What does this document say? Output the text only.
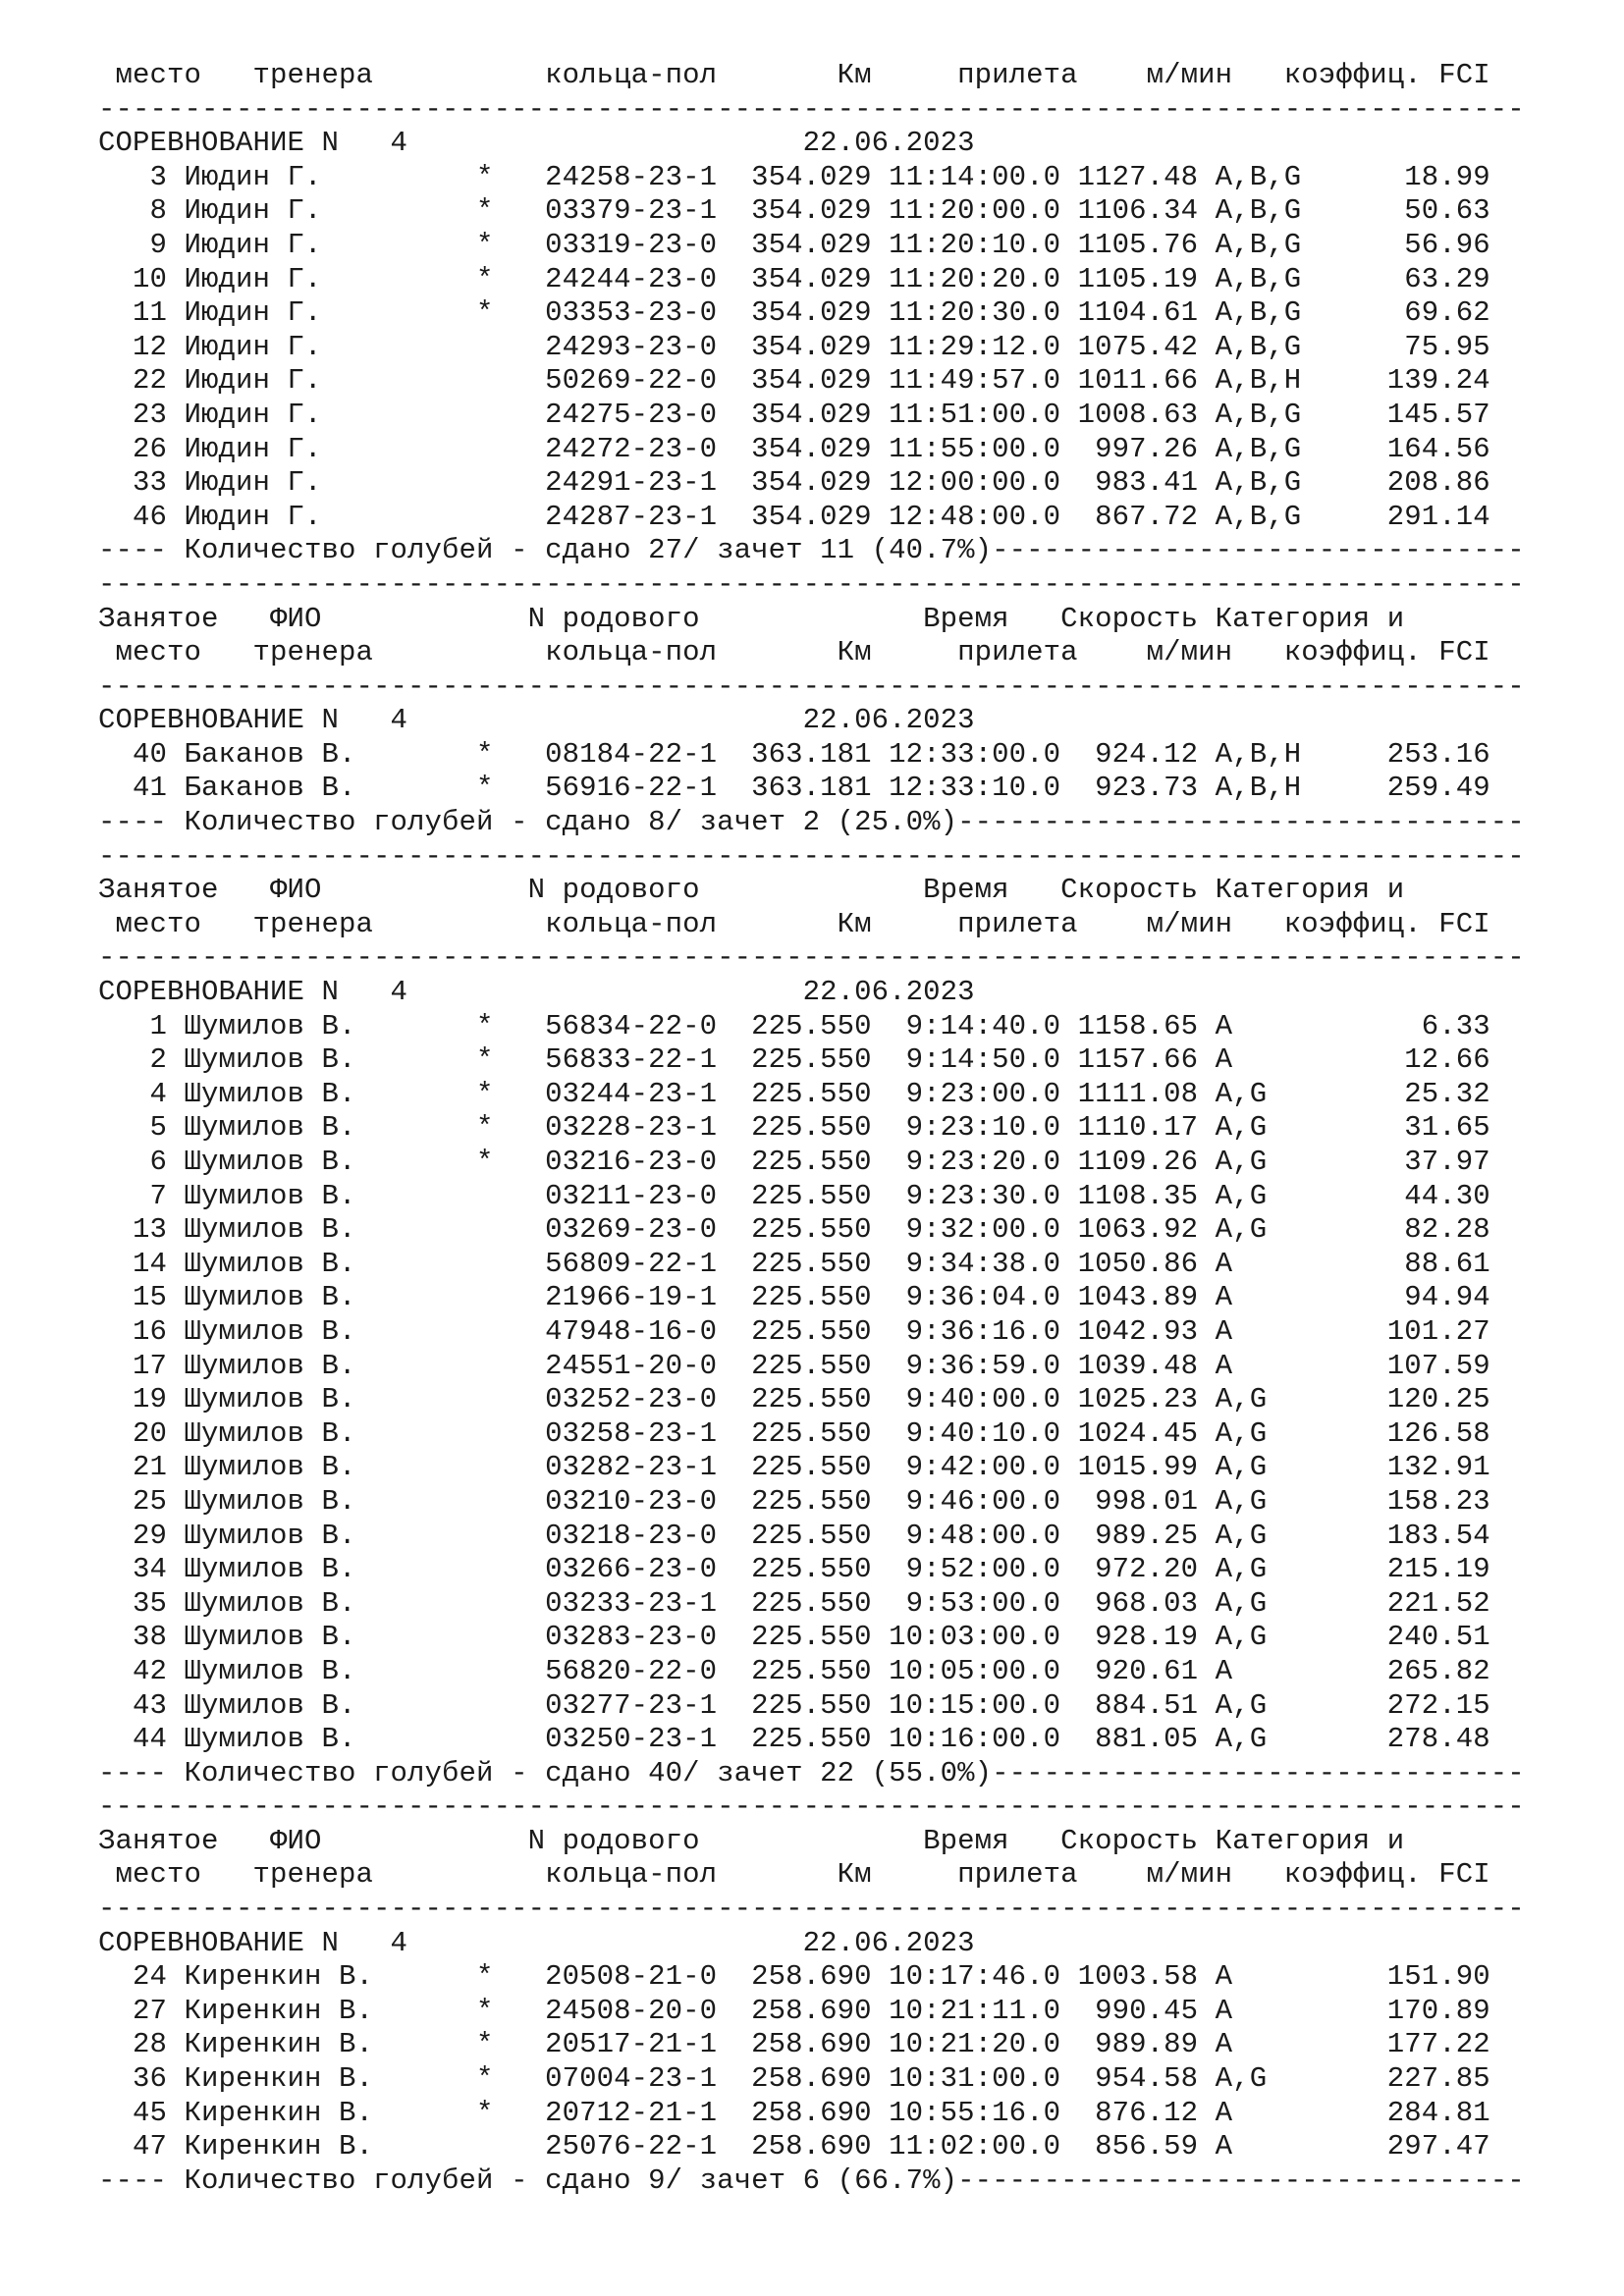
место   тренера          кольца-пол       Км     прилета    м/мин   коэффиц. FCI
-----------------------------------------------------------------------------------
СОРЕВНОВАНИЕ N   4                       22.06.2023
3 Июдин Г.         *   24258-23-1  354.029 11:14:00.0 1127.48 A,B,G      18.99
8 Июдин Г.         *   03379-23-1  354.029 11:20:00.0 1106.34 A,B,G      50.63
9 Июдин Г.         *   03319-23-0  354.029 11:20:10.0 1105.76 A,B,G      56.96
10 Июдин Г.         *   24244-23-0  354.029 11:20:20.0 1105.19 A,B,G      63.29
11 Июдин Г.         *   03353-23-0  354.029 11:20:30.0 1104.61 A,B,G      69.62
12 Июдин Г.             24293-23-0  354.029 11:29:12.0 1075.42 A,B,G      75.95
22 Июдин Г.             50269-22-0  354.029 11:49:57.0 1011.66 A,B,H     139.24
23 Июдин Г.             24275-23-0  354.029 11:51:00.0 1008.63 A,B,G     145.57
26 Июдин Г.             24272-23-0  354.029 11:55:00.0  997.26 A,B,G     164.56
33 Июдин Г.             24291-23-1  354.029 12:00:00.0  983.41 A,B,G     208.86
46 Июдин Г.             24287-23-1  354.029 12:48:00.0  867.72 A,B,G     291.14
---- Количество голубей - сдано 27/ зачет 11 (40.7%)-------------------------------
-----------------------------------------------------------------------------------
Занятое   ФИО            N родового             Время   Скорость Категория и
место   тренера          кольца-пол       Км     прилета    м/мин   коэффиц. FCI
-----------------------------------------------------------------------------------
СОРЕВНОВАНИЕ N   4                       22.06.2023
40 Баканов В.       *   08184-22-1  363.181 12:33:00.0  924.12 A,B,H     253.16
41 Баканов В.       *   56916-22-1  363.181 12:33:10.0  923.73 A,B,H     259.49
---- Количество голубей - сдано 8/ зачет 2 (25.0%)---------------------------------
-----------------------------------------------------------------------------------
Занятое   ФИО            N родового             Время   Скорость Категория и
место   тренера          кольца-пол       Км     прилета    м/мин   коэффиц. FCI
-----------------------------------------------------------------------------------
СОРЕВНОВАНИЕ N   4                       22.06.2023
1 Шумилов В.       *   56834-22-0  225.550  9:14:40.0 1158.65 A           6.33
2 Шумилов В.       *   56833-22-1  225.550  9:14:50.0 1157.66 A          12.66
4 Шумилов В.       *   03244-23-1  225.550  9:23:00.0 1111.08 A,G        25.32
5 Шумилов В.       *   03228-23-1  225.550  9:23:10.0 1110.17 A,G        31.65
6 Шумилов В.       *   03216-23-0  225.550  9:23:20.0 1109.26 A,G        37.97
7 Шумилов В.           03211-23-0  225.550  9:23:30.0 1108.35 A,G        44.30
13 Шумилов В.           03269-23-0  225.550  9:32:00.0 1063.92 A,G        82.28
14 Шумилов В.           56809-22-1  225.550  9:34:38.0 1050.86 A          88.61
15 Шумилов В.           21966-19-1  225.550  9:36:04.0 1043.89 A          94.94
16 Шумилов В.           47948-16-0  225.550  9:36:16.0 1042.93 A         101.27
17 Шумилов В.           24551-20-0  225.550  9:36:59.0 1039.48 A         107.59
19 Шумилов В.           03252-23-0  225.550  9:40:00.0 1025.23 A,G       120.25
20 Шумилов В.           03258-23-1  225.550  9:40:10.0 1024.45 A,G       126.58
21 Шумилов В.           03282-23-1  225.550  9:42:00.0 1015.99 A,G       132.91
25 Шумилов В.           03210-23-0  225.550  9:46:00.0  998.01 A,G       158.23
29 Шумилов В.           03218-23-0  225.550  9:48:00.0  989.25 A,G       183.54
34 Шумилов В.           03266-23-0  225.550  9:52:00.0  972.20 A,G       215.19
35 Шумилов В.           03233-23-1  225.550  9:53:00.0  968.03 A,G       221.52
38 Шумилов В.           03283-23-0  225.550 10:03:00.0  928.19 A,G       240.51
42 Шумилов В.           56820-22-0  225.550 10:05:00.0  920.61 A         265.82
43 Шумилов В.           03277-23-1  225.550 10:15:00.0  884.51 A,G       272.15
44 Шумилов В.           03250-23-1  225.550 10:16:00.0  881.05 A,G       278.48
---- Количество голубей - сдано 40/ зачет 22 (55.0%)-------------------------------
-----------------------------------------------------------------------------------
Занятое   ФИО            N родового             Время   Скорость Категория и
место   тренера          кольца-пол       Км     прилета    м/мин   коэффиц. FCI
-----------------------------------------------------------------------------------
СОРЕВНОВАНИЕ N   4                       22.06.2023
24 Киренкин В.      *   20508-21-0  258.690 10:17:46.0 1003.58 A         151.90
27 Киренкин В.      *   24508-20-0  258.690 10:21:11.0  990.45 A         170.89
28 Киренкин В.      *   20517-21-1  258.690 10:21:20.0  989.89 A         177.22
36 Киренкин В.      *   07004-23-1  258.690 10:31:00.0  954.58 A,G       227.85
45 Киренкин В.      *   20712-21-1  258.690 10:55:16.0  876.12 A         284.81
47 Киренкин В.          25076-22-1  258.690 11:02:00.0  856.59 A         297.47
---- Количество голубей - сдано 9/ зачет 6 (66.7%)---------------------------------
